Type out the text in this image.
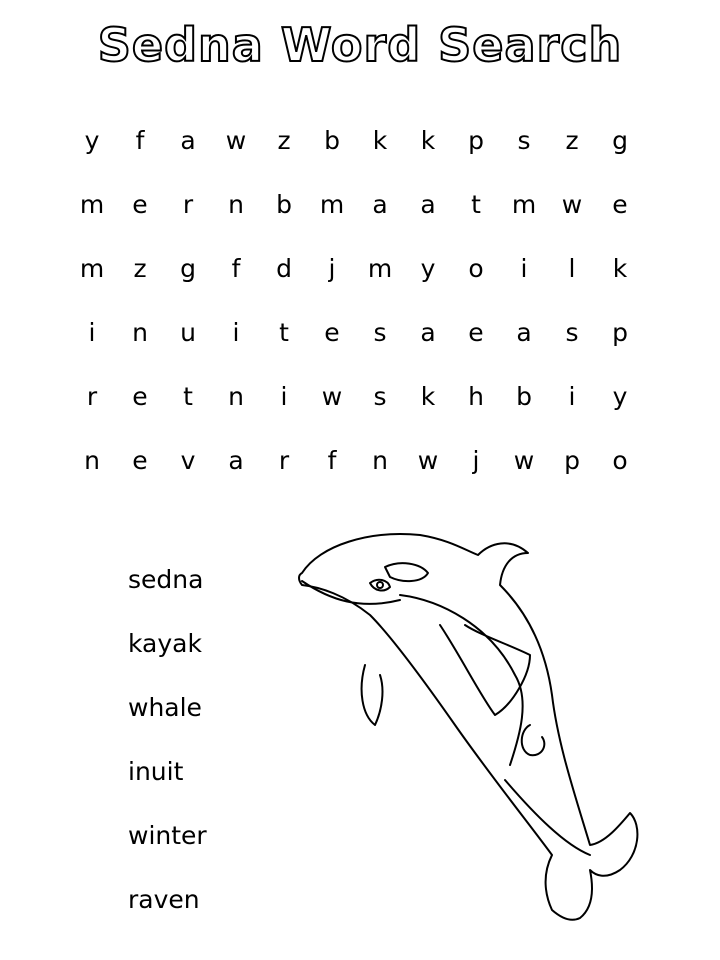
Sedna Word Search
y	f	a	w	z	b	k	k	p	s	z	g
m	e	r	n	b	m	a	a	t	m	w	e
m	z	g	f	d	j	m	y	o	i	l	k
i	n	u	i	t	e	s	a	e	a	s	p
r	e	t	n	i	w	s	k	h	b	i	y
n	e	v	a	r	f	n	w	j	w	p	o
sedna
kayak
whale
inuit
winter
raven
